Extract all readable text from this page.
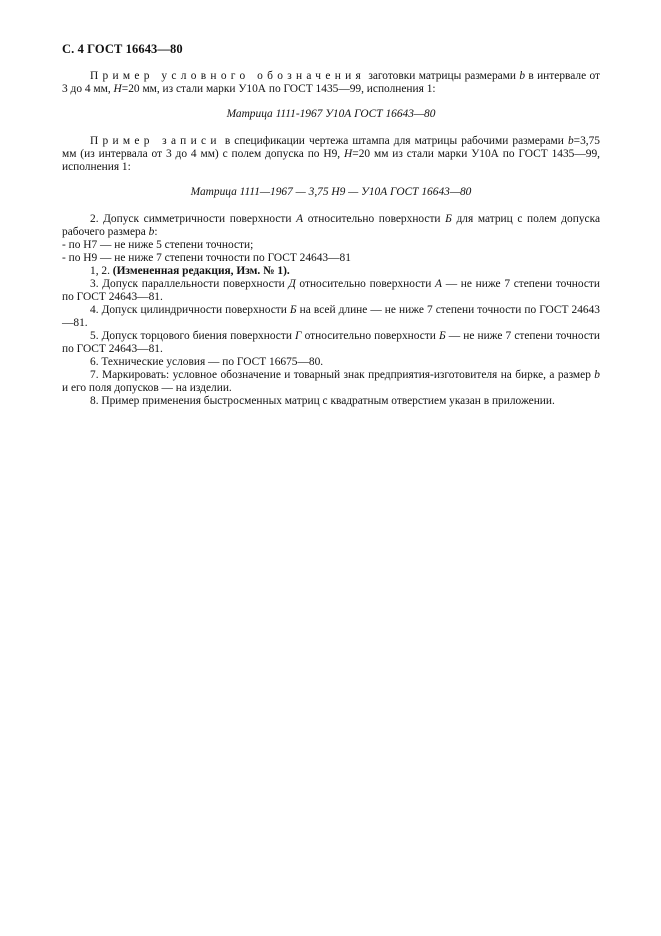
С. 4 ГОСТ 16643—80

Пример условного обозначения заготовки матрицы размерами b в интервале от 3 до 4 мм, H=20 мм, из стали марки У10А по ГОСТ 1435—99, исполнения 1:

Матрица 1111-1967 У10А ГОСТ 16643—80

Пример записи в спецификации чертежа штампа для матрицы рабочими размерами b=3,75 мм (из интервала от 3 до 4 мм) с полем допуска по Н9, H=20 мм из стали марки У10А по ГОСТ 1435—99, исполнения 1:

Матрица 1111—1967 — 3,75 Н9 — У10А ГОСТ 16643—80

2. Допуск симметричности поверхности А относительно поверхности Б для матриц с полем допуска рабочего размера b:

- по Н7 — не ниже 5 степени точности;

- по Н9 — не ниже 7 степени точности по ГОСТ 24643—81

1, 2. (Измененная редакция, Изм. № 1).

3. Допуск параллельности поверхности Д относительно поверхности А — не ниже 7 степени точности по ГОСТ 24643—81.

4. Допуск цилиндричности поверхности Б на всей длине — не ниже 7 степени точности по ГОСТ 24643—81.

5. Допуск торцового биения поверхности Г относительно поверхности Б — не ниже 7 степени точности по ГОСТ 24643—81.

6. Технические условия — по ГОСТ 16675—80.

7. Маркировать: условное обозначение и товарный знак предприятия-изготовителя на бирке, а размер b и его поля допусков — на изделии.

8. Пример применения быстросменных матриц с квадратным отверстием указан в приложении.
